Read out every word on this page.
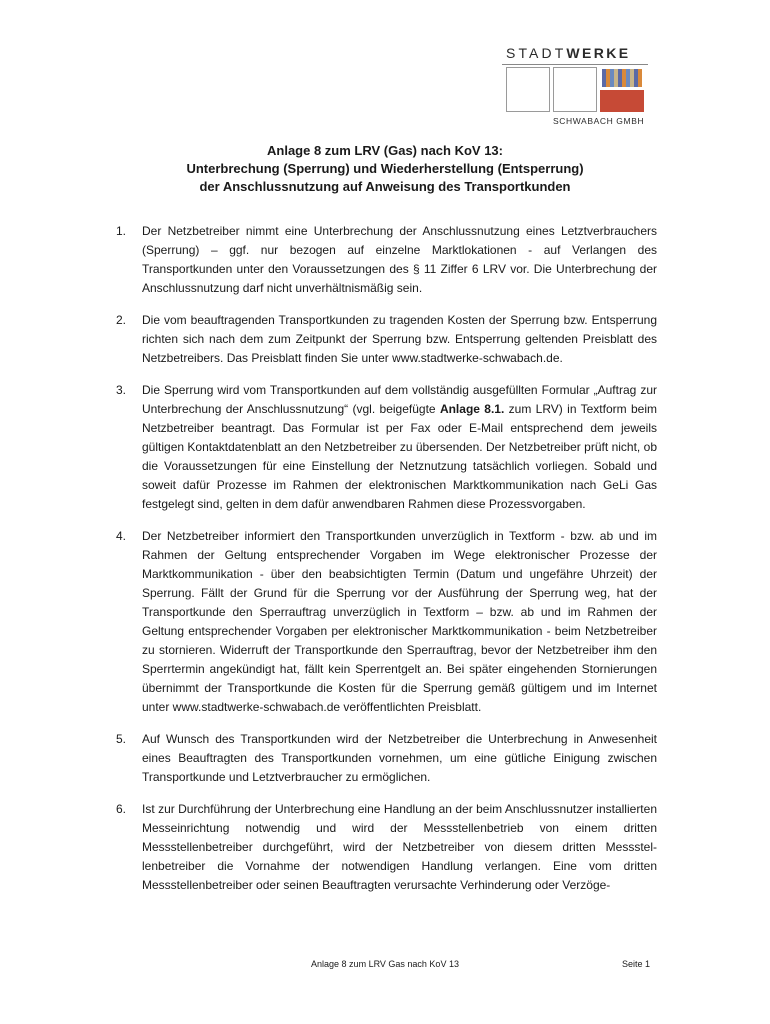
STADTWERKE
SCHWABACH GMBH
Anlage 8 zum LRV (Gas) nach KoV 13:
Unterbrechung (Sperrung) und Wiederherstellung (Entsperrung)
der Anschlussnutzung auf Anweisung des Transportkunden
1. Der Netzbetreiber nimmt eine Unterbrechung der Anschlussnutzung eines Letztverbrauchers (Sperrung) – ggf. nur bezogen auf einzelne Marktlokationen - auf Verlangen des Transportkunden unter den Voraussetzungen des § 11 Ziffer 6 LRV vor. Die Unterbrechung der Anschlussnutzung darf nicht unverhältnismäßig sein.
2. Die vom beauftragenden Transportkunden zu tragenden Kosten der Sperrung bzw. Entsperrung richten sich nach dem zum Zeitpunkt der Sperrung bzw. Entsperrung geltenden Preisblatt des Netzbetreibers. Das Preisblatt finden Sie unter www.stadtwerke-schwabach.de.
3. Die Sperrung wird vom Transportkunden auf dem vollständig ausgefüllten Formular „Auftrag zur Unterbrechung der Anschlussnutzung“ (vgl. beigefügte Anlage 8.1. zum LRV) in Textform beim Netzbetreiber beantragt. Das Formular ist per Fax oder E-Mail entsprechend dem jeweils gültigen Kontaktdatenblatt an den Netzbetreiber zu übersenden. Der Netzbetreiber prüft nicht, ob die Voraussetzungen für eine Einstellung der Netznutzung tatsächlich vorliegen. Sobald und soweit dafür Prozesse im Rahmen der elektronischen Marktkommunikation nach GeLi Gas festgelegt sind, gelten in dem dafür anwendbaren Rahmen diese Prozessvorgaben.
4. Der Netzbetreiber informiert den Transportkunden unverzüglich in Textform - bzw. ab und im Rahmen der Geltung entsprechender Vorgaben im Wege elektronischer Prozesse der Marktkommunikation - über den beabsichtigten Termin (Datum und ungefähre Uhrzeit) der Sperrung. Fällt der Grund für die Sperrung vor der Ausführung der Sperrung weg, hat der Transportkunde den Sperrauftrag unverzüglich in Textform – bzw. ab und im Rahmen der Geltung entsprechender Vorgaben per elektronischer Marktkommunikation - beim Netzbetreiber zu stornieren. Widerruft der Transportkunde den Sperrauftrag, bevor der Netzbetreiber ihm den Sperrtermin angekündigt hat, fällt kein Sperrentgelt an. Bei später eingehenden Stornierungen übernimmt der Transportkunde die Kosten für die Sperrung gemäß gültigem und im Internet unter www.stadtwerke-schwabach.de veröffentlichten Preisblatt.
5. Auf Wunsch des Transportkunden wird der Netzbetreiber die Unterbrechung in Anwesenheit eines Beauftragten des Transportkunden vornehmen, um eine gütliche Einigung zwischen Transportkunde und Letztverbraucher zu ermöglichen.
6. Ist zur Durchführung der Unterbrechung eine Handlung an der beim Anschlussnutzer installierten Messeinrichtung notwendig und wird der Messstellenbetrieb von einem dritten Messstellenbetreiber durchgeführt, wird der Netzbetreiber von diesem dritten Messstellenbetreiber die Vornahme der notwendigen Handlung verlangen. Eine vom dritten Messstellenbetreiber oder seinen Beauftragten verursachte Verhinderung oder Verzöge-
Anlage 8 zum LRV Gas nach KoV 13	Seite 1
